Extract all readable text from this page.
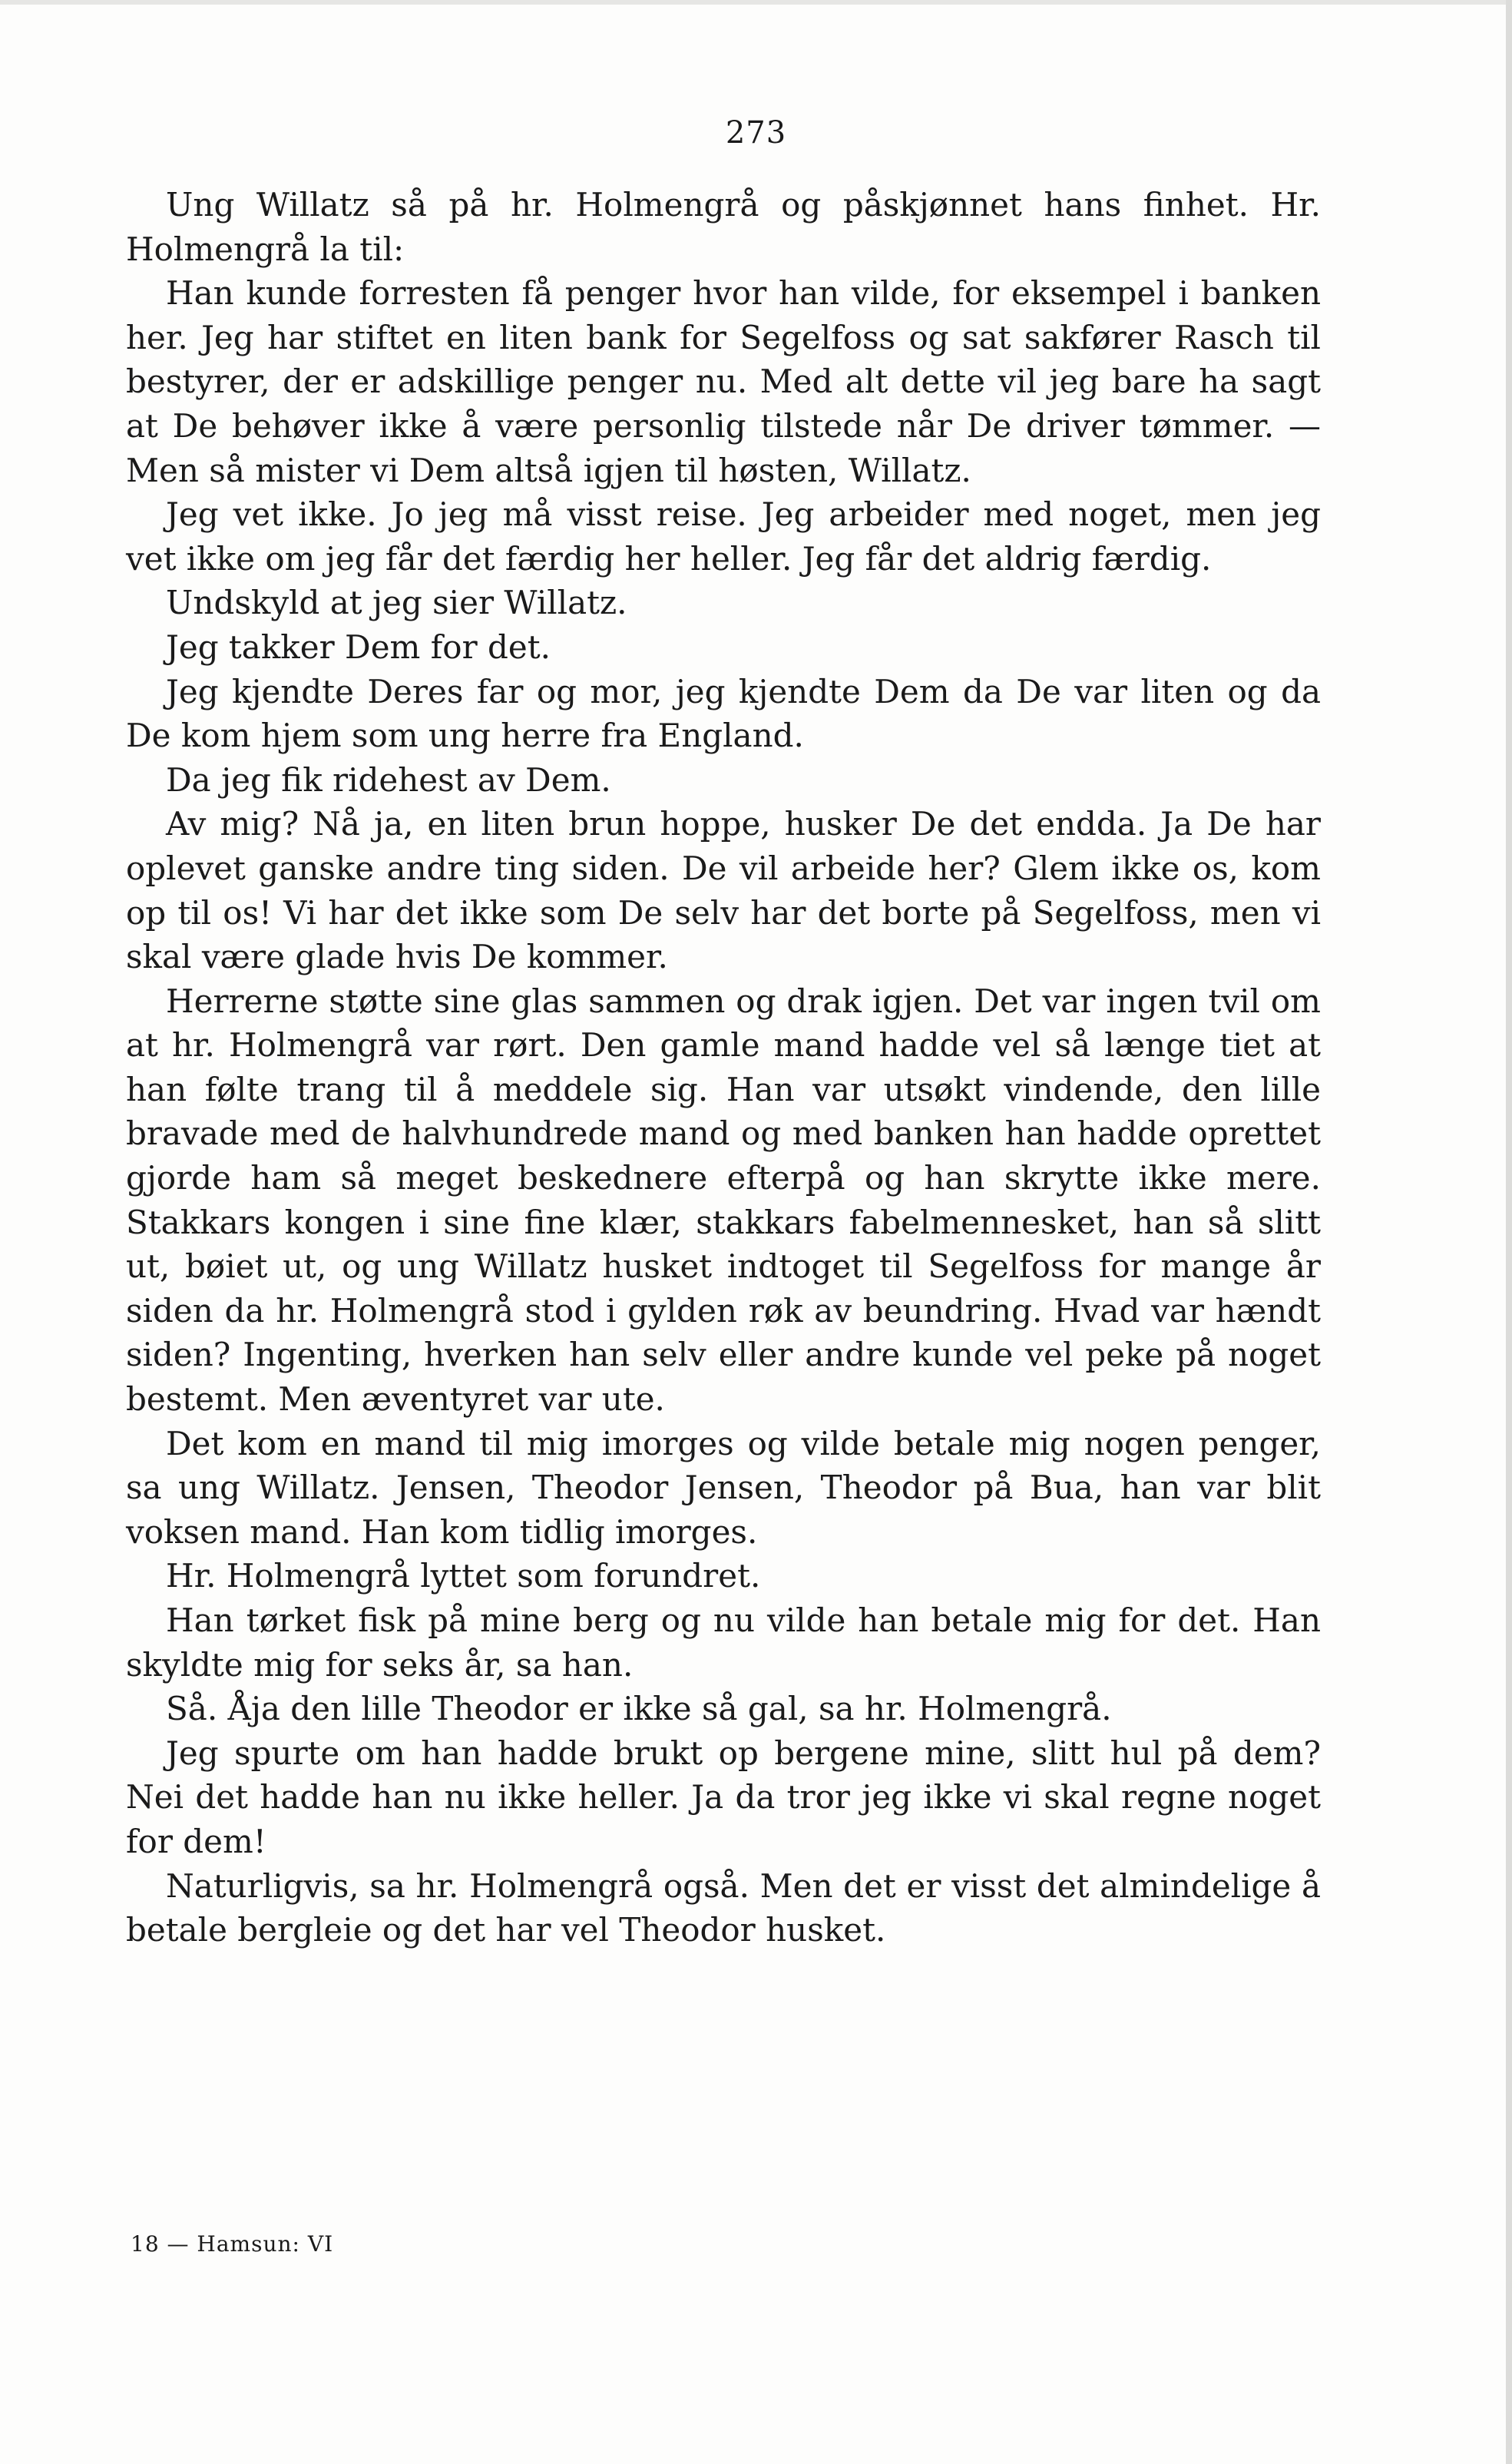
273

Ung Willatz så på hr. Holmengrå og påskjønnet hans finhet. Hr. Holmengrå la til:

Han kunde forresten få penger hvor han vilde, for eksempel i banken her. Jeg har stiftet en liten bank for Segelfoss og sat sakfører Rasch til bestyrer, der er adskillige penger nu. Med alt dette vil jeg bare ha sagt at De behøver ikke å være personlig tilstede når De driver tømmer. — Men så mister vi Dem altså igjen til høsten, Willatz.

Jeg vet ikke. Jo jeg må visst reise. Jeg arbeider med noget, men jeg vet ikke om jeg får det færdig her heller. Jeg får det aldrig færdig.

Undskyld at jeg sier Willatz.

Jeg takker Dem for det.

Jeg kjendte Deres far og mor, jeg kjendte Dem da De var liten og da De kom hjem som ung herre fra England.

Da jeg fik ridehest av Dem.

Av mig? Nå ja, en liten brun hoppe, husker De det endda. Ja De har oplevet ganske andre ting siden. De vil arbeide her? Glem ikke os, kom op til os! Vi har det ikke som De selv har det borte på Segelfoss, men vi skal være glade hvis De kommer.

Herrerne støtte sine glas sammen og drak igjen. Det var ingen tvil om at hr. Holmengrå var rørt. Den gamle mand hadde vel så længe tiet at han følte trang til å meddele sig. Han var utsøkt vindende, den lille bravade med de halvhundrede mand og med banken han hadde oprettet gjorde ham så meget beskednere efterpå og han skrytte ikke mere. Stakkars kongen i sine fine klær, stakkars fabelmennesket, han så slitt ut, bøiet ut, og ung Willatz husket indtoget til Segelfoss for mange år siden da hr. Holmengrå stod i gylden røk av beundring. Hvad var hændt siden? Ingenting, hverken han selv eller andre kunde vel peke på noget bestemt. Men æventyret var ute.

Det kom en mand til mig imorges og vilde betale mig nogen penger, sa ung Willatz. Jensen, Theodor Jensen, Theodor på Bua, han var blit voksen mand. Han kom tidlig imorges.

Hr. Holmengrå lyttet som forundret.

Han tørket fisk på mine berg og nu vilde han betale mig for det. Han skyldte mig for seks år, sa han.

Så. Åja den lille Theodor er ikke så gal, sa hr. Holmengrå.

Jeg spurte om han hadde brukt op bergene mine, slitt hul på dem? Nei det hadde han nu ikke heller. Ja da tror jeg ikke vi skal regne noget for dem!

Naturligvis, sa hr. Holmengrå også. Men det er visst det almindelige å betale bergleie og det har vel Theodor husket.

18 — Hamsun: VI
